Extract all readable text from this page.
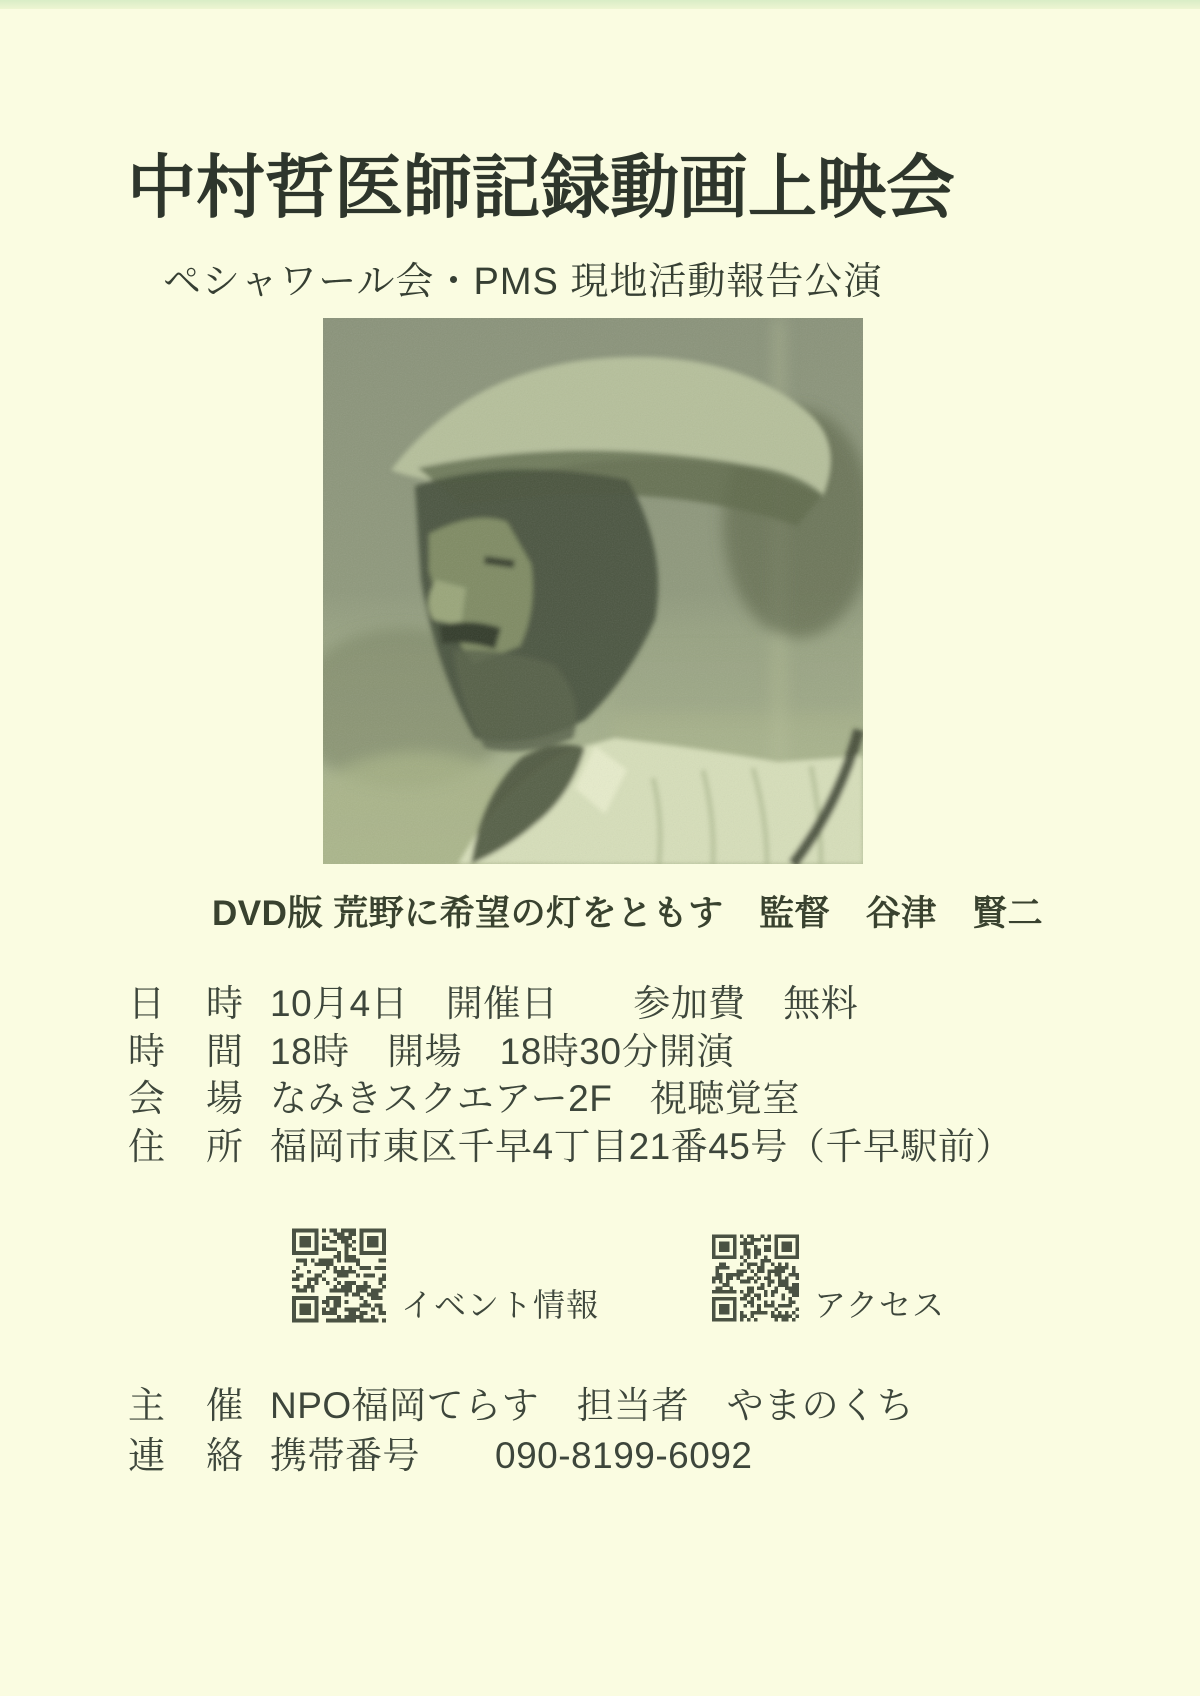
中村哲医師記録動画上映会
ペシャワール会・PMS 現地活動報告公演
DVD版 荒野に希望の灯をともす　監督　谷津　賢二
日　時 10月4日　開催日　　参加費　無料
時　間 18時　開場　18時30分開演
会　場 なみきスクエアー2F　視聴覚室
住　所 福岡市東区千早4丁目21番45号（千早駅前）
イベント情報	アクセス
主　催 NPO福岡てらす　担当者　やまのくち
連　絡 携帯番号　　090-8199-6092
